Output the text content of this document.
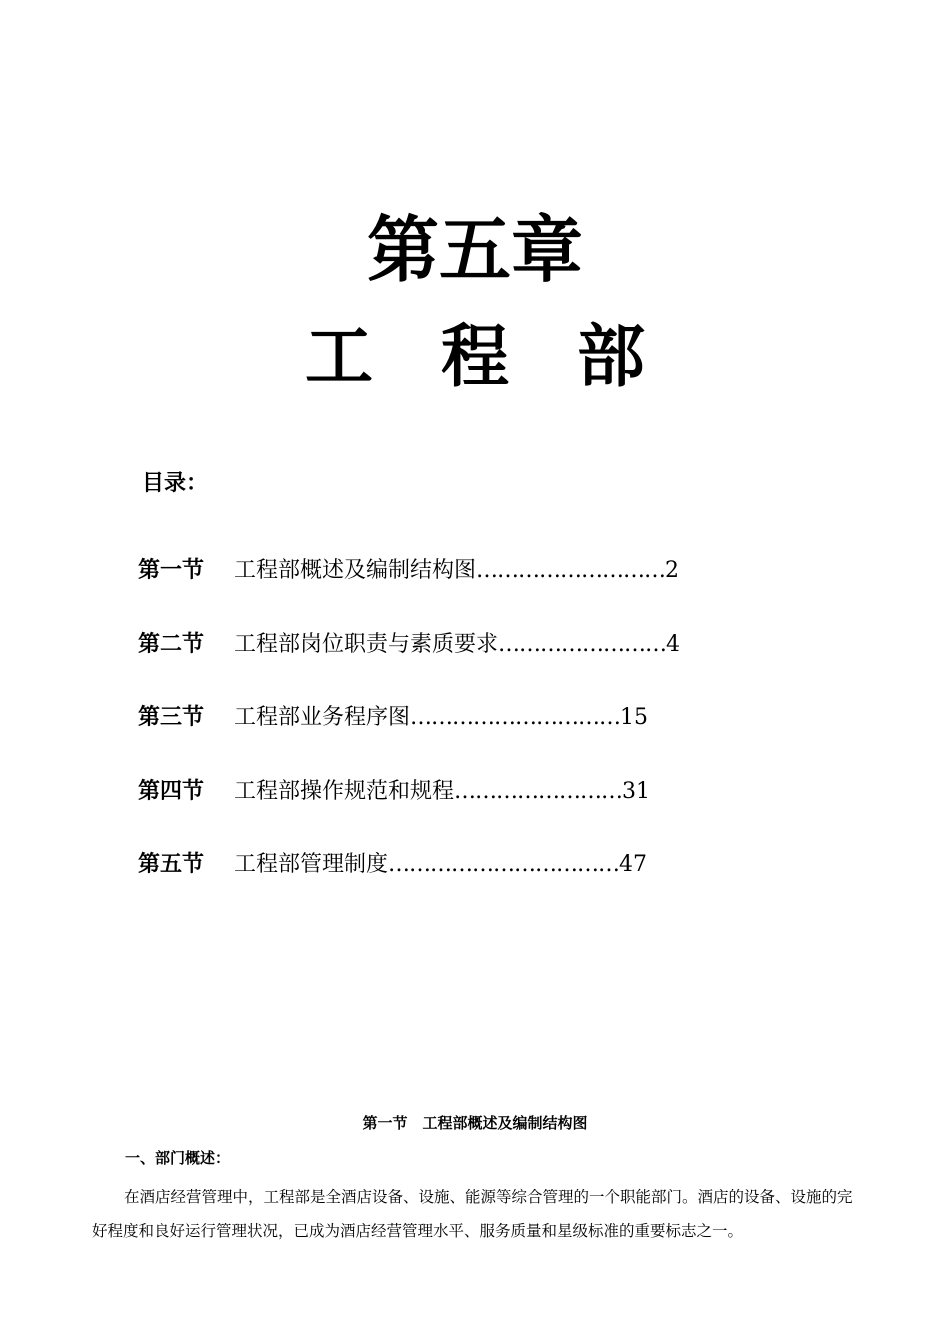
第五章
工 程 部
目录：
第一节 工程部概述及编制结构图………………………2
第二节 工程部岗位职责与素质要求……………………4
第三节 工程部业务程序图…………………………15
第四节 工程部操作规范和规程……………………31
第五节 工程部管理制度……………………………47
第一节　工程部概述及编制结构图
一、部门概述：

在酒店经营管理中，工程部是全酒店设备、设施、能源等综合管理的一个职能部门。酒店的设备、设施的完好程度和良好运行管理状况，已成为酒店经营管理水平、服务质量和星级标准的重要标志之一。
